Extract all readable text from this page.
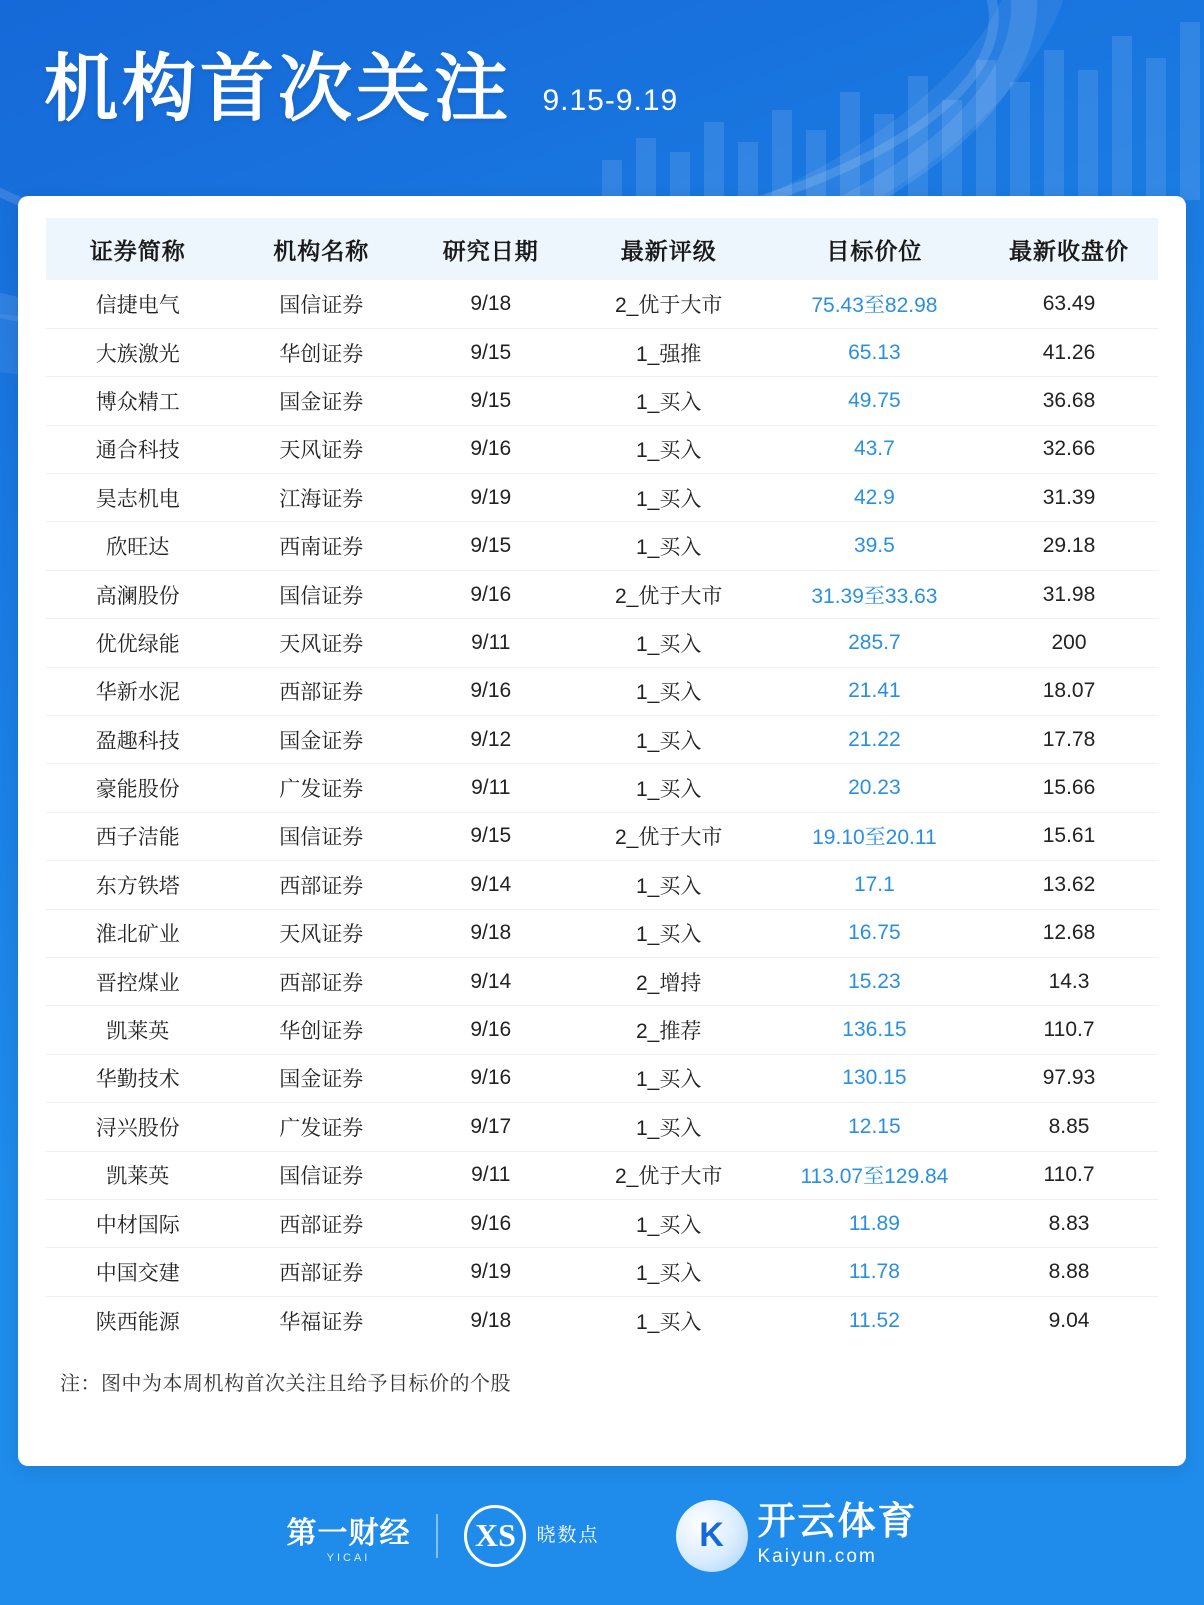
机构首次关注 9.15-9.19
证券简称	机构名称	研究日期	最新评级	目标价位	最新收盘价
信捷电气	国信证券	9/18	2_优于大市	75.43至82.98	63.49
大族激光	华创证券	9/15	1_强推	65.13	41.26
博众精工	国金证券	9/15	1_买入	49.75	36.68
通合科技	天风证券	9/16	1_买入	43.7	32.66
昊志机电	江海证券	9/19	1_买入	42.9	31.39
欣旺达	西南证券	9/15	1_买入	39.5	29.18
高澜股份	国信证券	9/16	2_优于大市	31.39至33.63	31.98
优优绿能	天风证券	9/11	1_买入	285.7	200
华新水泥	西部证券	9/16	1_买入	21.41	18.07
盈趣科技	国金证券	9/12	1_买入	21.22	17.78
豪能股份	广发证券	9/11	1_买入	20.23	15.66
西子洁能	国信证券	9/15	2_优于大市	19.10至20.11	15.61
东方铁塔	西部证券	9/14	1_买入	17.1	13.62
淮北矿业	天风证券	9/18	1_买入	16.75	12.68
晋控煤业	西部证券	9/14	2_增持	15.23	14.3
凯莱英	华创证券	9/16	2_推荐	136.15	110.7
华勤技术	国金证券	9/16	1_买入	130.15	97.93
浔兴股份	广发证券	9/17	1_买入	12.15	8.85
凯莱英	国信证券	9/11	2_优于大市	113.07至129.84	110.7
中材国际	西部证券	9/16	1_买入	11.89	8.83
中国交建	西部证券	9/19	1_买入	11.78	8.88
陕西能源	华福证券	9/18	1_买入	11.52	9.04
注：图中为本周机构首次关注且给予目标价的个股
第一财经
YICAI
XS	晓数点	K 开云体育
Kaiyun.com
